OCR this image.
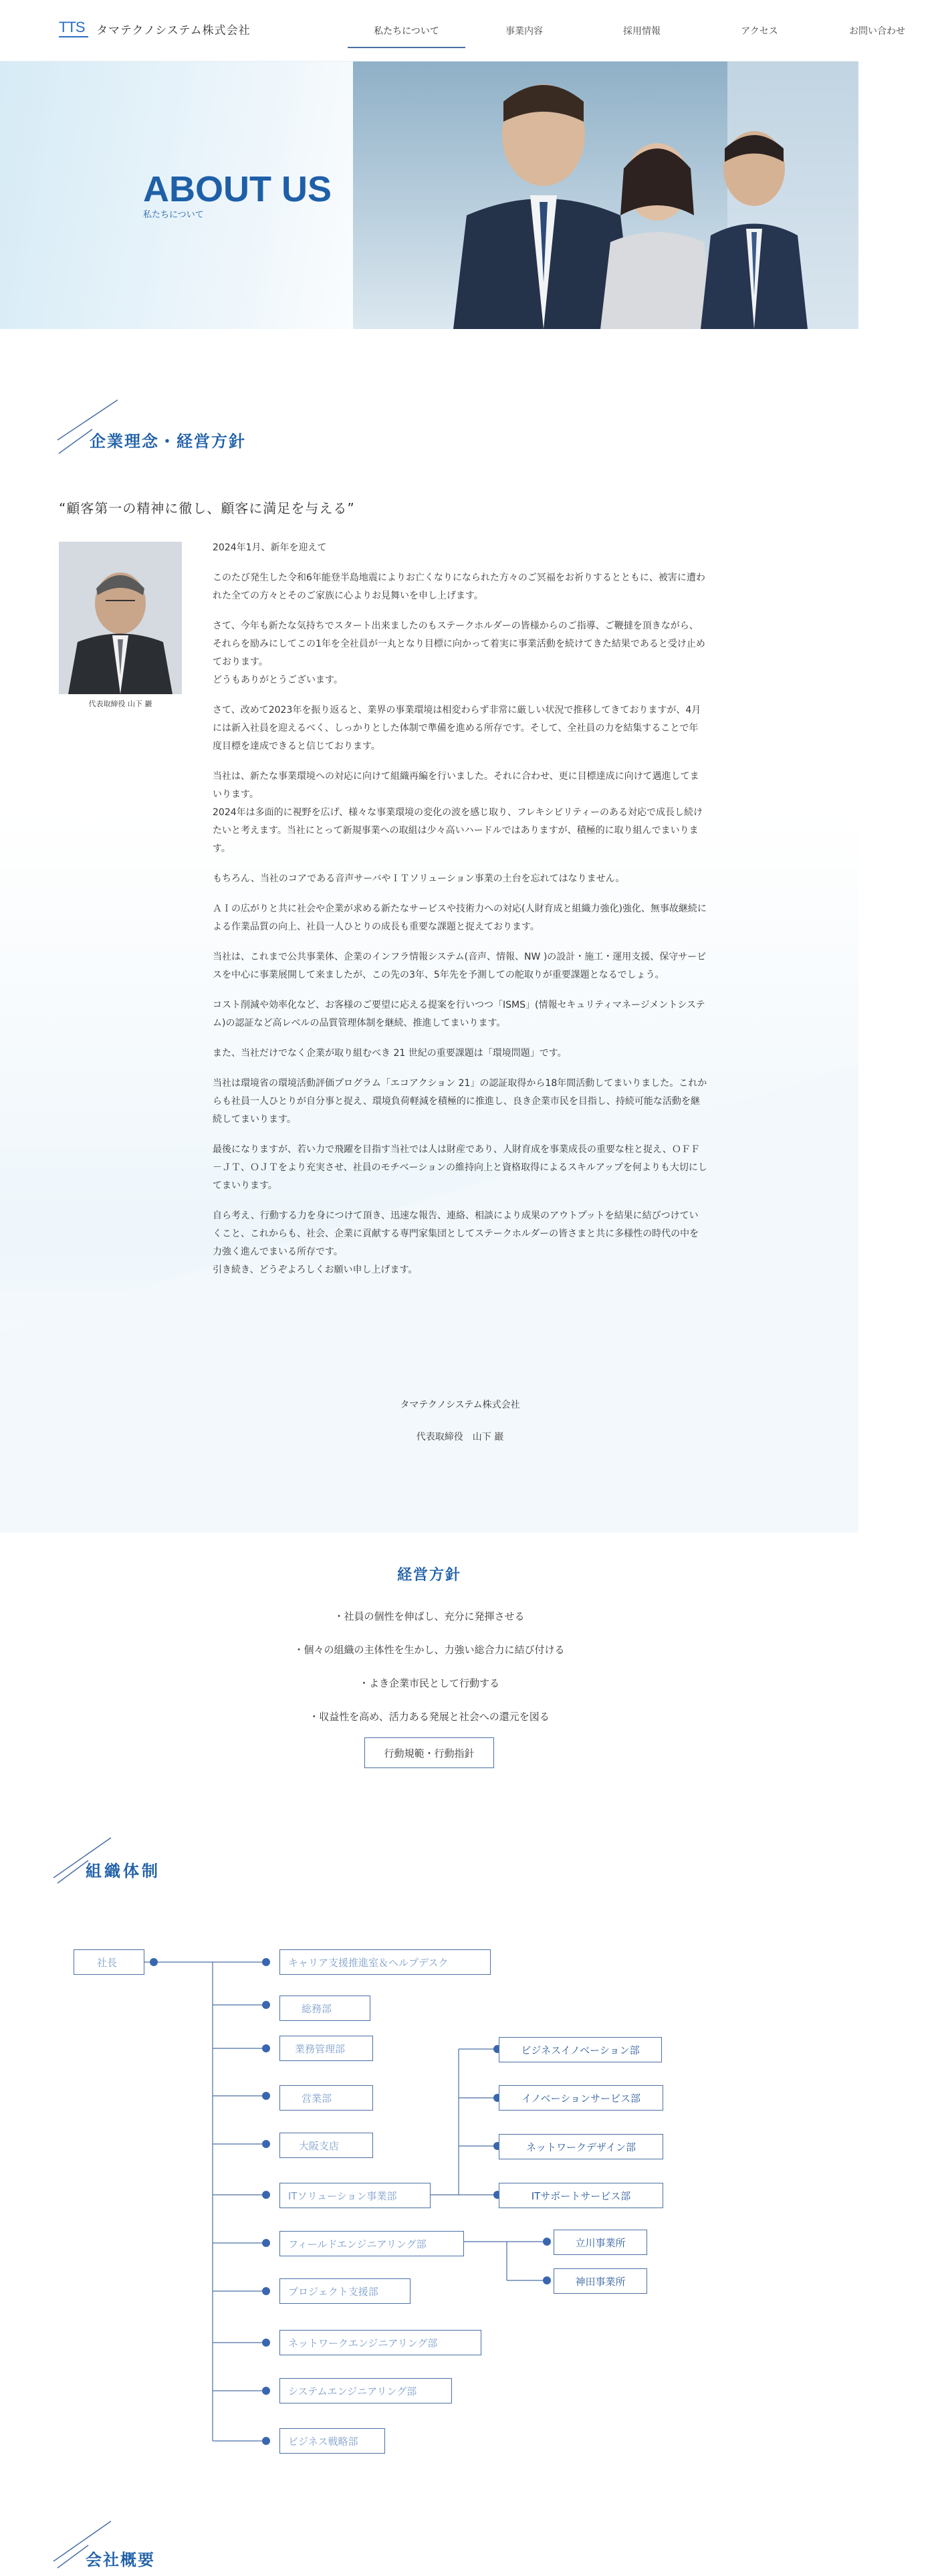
TTS タマテクノシステム株式会社	私たちについて	事業内容	採用情報	アクセス	お問い合わせ
ABOUT US
私たちについて
企業理念・経営方針
“顧客第一の精神に徹し、顧客に満足を与える”
代表取締役 山下 巖

2024年1月、新年を迎えて

このたび発生した令和6年能登半島地震によりお亡くなりになられた方々のご冥福をお祈りするとともに、被害に遭われた全ての方々とそのご家族に心よりお見舞いを申し上げます。

さて、今年も新たな気持ちでスタート出来ましたのもステークホルダーの皆様からのご指導、ご鞭撻を頂きながら、それらを励みにしてこの1年を全社員が一丸となり目標に向かって着実に事業活動を続けてきた結果であると受け止めております。
どうもありがとうございます。

さて、改めて2023年を振り返ると、業界の事業環境は相変わらず非常に厳しい状況で推移してきておりますが、4月には新入社員を迎えるべく、しっかりとした体制で準備を進める所存です。そして、全社員の力を結集することで年度目標を達成できると信じております。

当社は、新たな事業環境への対応に向けて組織再編を行いました。それに合わせ、更に目標達成に向けて邁進してまいります。
2024年は多面的に視野を広げ、様々な事業環境の変化の波を感じ取り、フレキシビリティーのある対応で成長し続けたいと考えます。当社にとって新規事業への取組は少々高いハードルではありますが、積極的に取り組んでまいります。

もちろん、当社のコアである音声サーバやＩＴソリューション事業の土台を忘れてはなりません。

ＡＩの広がりと共に社会や企業が求める新たなサービスや技術力への対応(人財育成と組織力強化)強化、無事故継続による作業品質の向上、社員一人ひとりの成長も重要な課題と捉えております。

当社は、これまで公共事業体、企業のインフラ情報システム(音声、情報、NW )の設計・施工・運用支援、保守サービスを中心に事業展開して来ましたが、この先の3年、5年先を予測しての舵取りが重要課題となるでしょう。

コスト削減や効率化など、お客様のご要望に応える提案を行いつつ「ISMS」(情報セキュリティマネージメントシステム)の認証など高レベルの品質管理体制を継続、推進してまいります。

また、当社だけでなく企業が取り組むべき 21 世紀の重要課題は「環境問題」です。

当社は環境省の環境活動評価プログラム「エコアクション 21」の認証取得から18年間活動してまいりました。これからも社員一人ひとりが自分事と捉え、環境負荷軽減を積極的に推進し、良き企業市民を目指し、持続可能な活動を継続してまいります。

最後になりますが、若い力で飛躍を目指す当社では人は財産であり、人財育成を事業成長の重要な柱と捉え、ＯＦＦ－ＪＴ、ＯＪＴをより充実させ、社員のモチベーションの維持向上と資格取得によるスキルアップを何よりも大切にしてまいります。

自ら考え、行動する力を身につけて頂き、迅速な報告、連絡、相談により成果のアウトプットを結果に結びつけていくこと、これからも、社会、企業に貢献する専門家集団としてステークホルダーの皆さまと共に多様性の時代の中を力強く進んでまいる所存です。
引き続き、どうぞよろしくお願い申し上げます。

タマテクノシステム株式会社
代表取締役　山下 巖
経営方針
・社員の個性を伸ばし、充分に発揮させる
・個々の組織の主体性を生かし、力強い総合力に結び付ける
・よき企業市民として行動する
・収益性を高め、活力ある発展と社会への還元を図る
行動規範・行動指針
組織体制
社長	キャリア支援推進室＆ヘルプデスク
総務部
業務管理部
営業部
大阪支店
ITソリューション事業部
フィールドエンジニアリング部
プロジェクト支援部
ネットワークエンジニアリング部
システムエンジニアリング部
ビジネス戦略部
ビジネスイノベーション部
イノベーションサービス部
ネットワークデザイン部
ITサポートサービス部
立川事業所
神田事業所
会社概要
